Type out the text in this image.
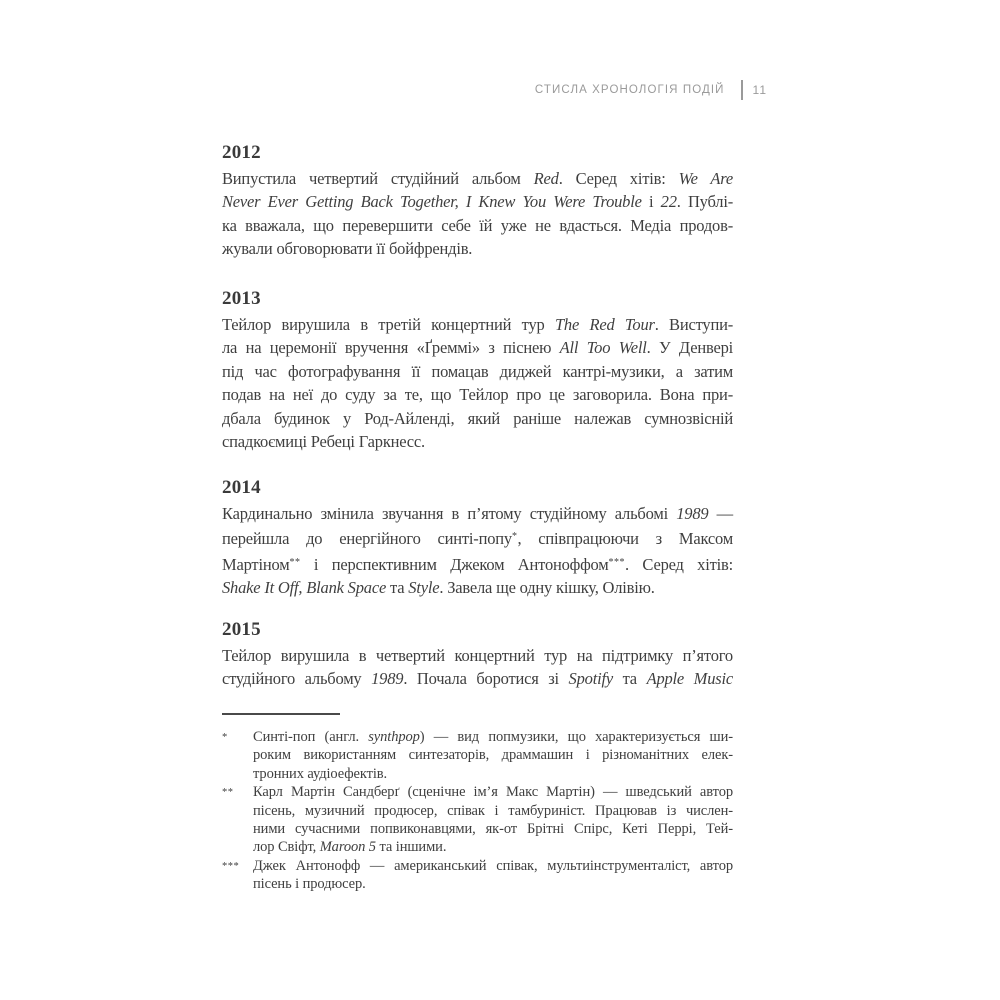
СТИСЛА ХРОНОЛОГІЯ ПОДІЙ 11
2012
Випустила четвертий студійний альбом Red. Серед хітів: We Are
Never Ever Getting Back Together, I Knew You Were Trouble і 22. Публі-
ка вважала, що перевершити себе їй уже не вдасться. Медіа продов-
жували обговорювати її бойфрендів.
2013
Тейлор вирушила в третій концертний тур The Red Tour. Виступи-
ла на церемонії вручення «Ґреммі» з піснею All Too Well. У Денвері
під час фотографування її помацав диджей кантрі-музики, а затим
подав на неї до суду за те, що Тейлор про це заговорила. Вона при-
дбала будинок у Род-Айленді, який раніше належав сумнозвісній
спадкоємиці Ребеці Гаркнесс.
2014
Кардинально змінила звучання в п’ятому студійному альбомі 1989 —
перейшла до енергійного синті-попу*, співпрацюючи з Максом
Мартіном** і перспективним Джеком Антоноффом***. Серед хітів:
Shake It Off, Blank Space та Style. Завела ще одну кішку, Олівію.
2015
Тейлор вирушила в четвертий концертний тур на підтримку п’ятого
студійного альбому 1989. Почала боротися зі Spotify та Apple Music
* Синті-поп (англ. synthpop) — вид попмузики, що характеризується ши-
роким використанням синтезаторів, драммашин і різноманітних елек-
тронних аудіоефектів.
** Карл Мартін Сандберґ (сценічне ім’я Макс Мартін) — шведський автор
пісень, музичний продюсер, співак і тамбуриніст. Працював із числен-
ними сучасними попвиконавцями, як-от Брітні Спірс, Кеті Перрі, Тей-
лор Свіфт, Maroon 5 та іншими.
*** Джек Антонофф — американський співак, мультиінструменталіст, автор
пісень і продюсер.
